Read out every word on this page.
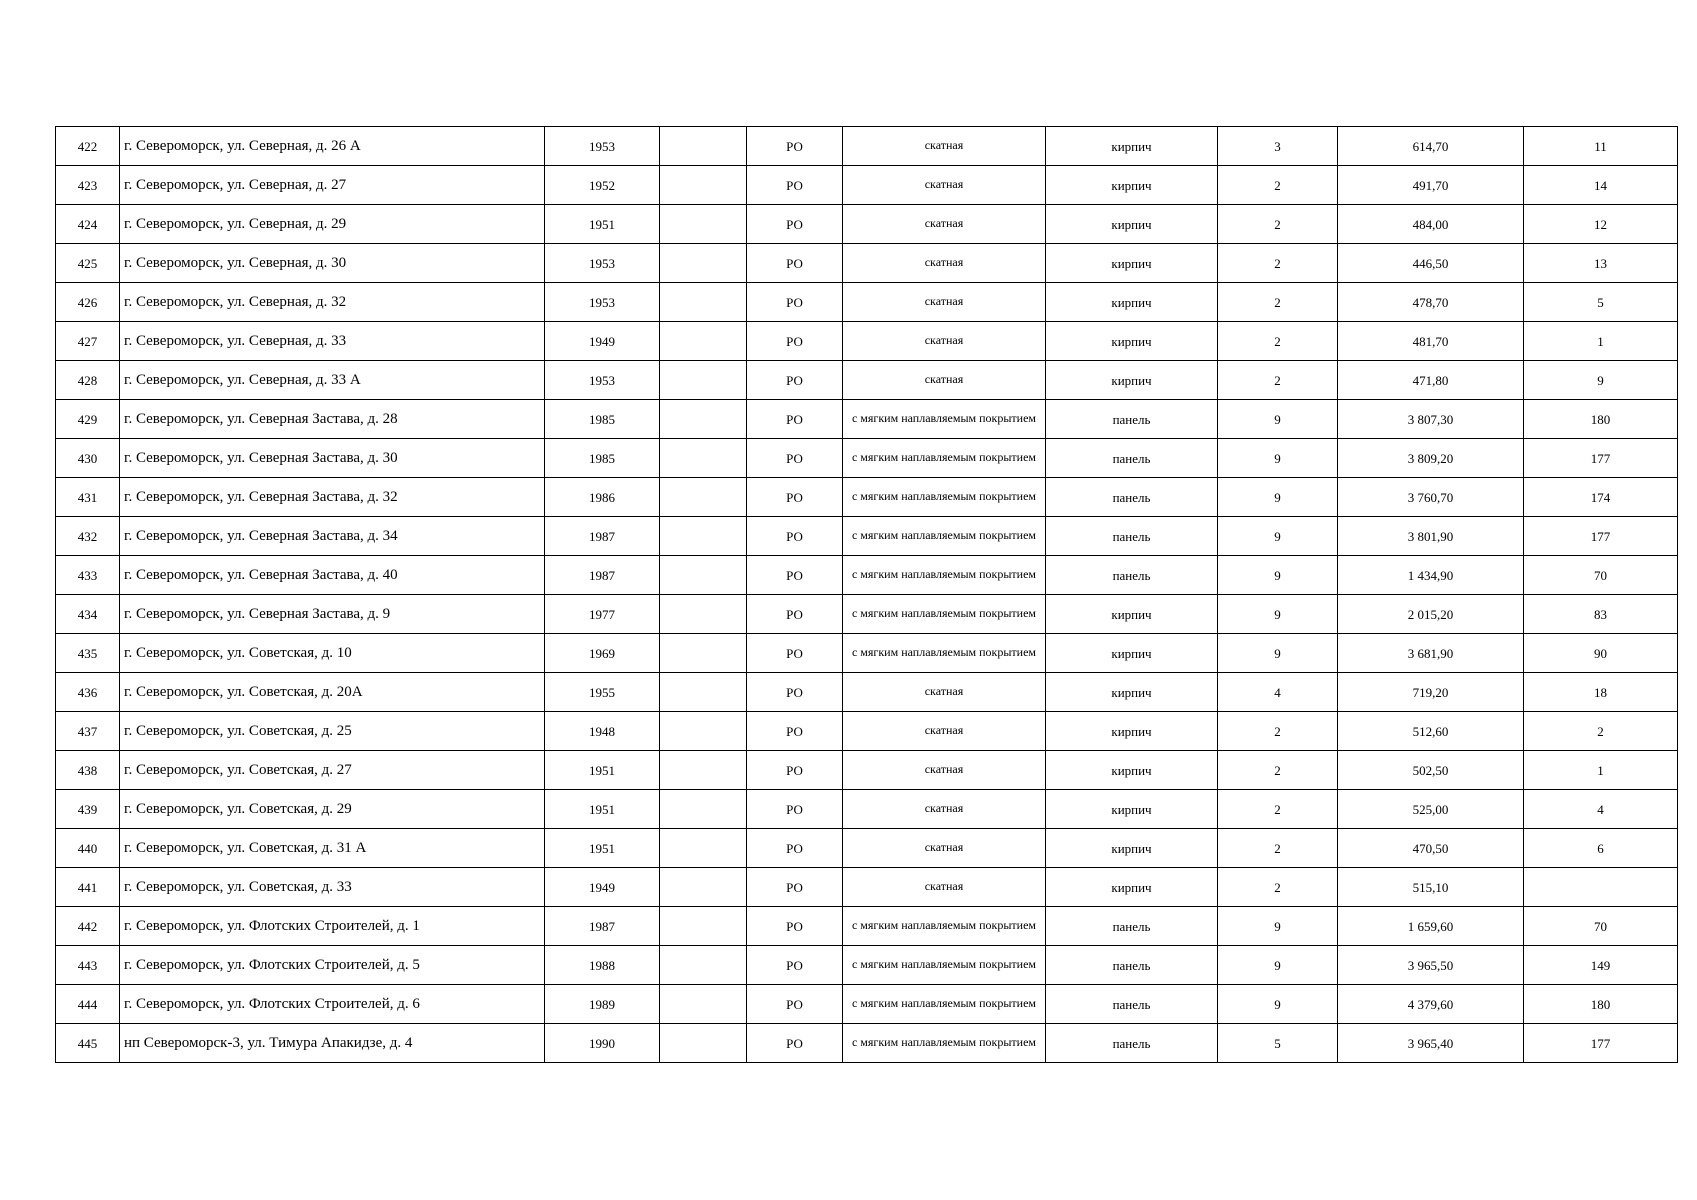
422	г. Североморск, ул. Северная, д. 26 А	1953		РО	скатная	кирпич	3	614,70	11
423	г. Североморск, ул. Северная, д. 27	1952		РО	скатная	кирпич	2	491,70	14
424	г. Североморск, ул. Северная, д. 29	1951		РО	скатная	кирпич	2	484,00	12
425	г. Североморск, ул. Северная, д. 30	1953		РО	скатная	кирпич	2	446,50	13
426	г. Североморск, ул. Северная, д. 32	1953		РО	скатная	кирпич	2	478,70	5
427	г. Североморск, ул. Северная, д. 33	1949		РО	скатная	кирпич	2	481,70	1
428	г. Североморск, ул. Северная, д. 33 А	1953		РО	скатная	кирпич	2	471,80	9
429	г. Североморск, ул. Северная Застава, д. 28	1985		РО	с мягким наплавляемым покрытием	панель	9	3 807,30	180
430	г. Североморск, ул. Северная Застава, д. 30	1985		РО	с мягким наплавляемым покрытием	панель	9	3 809,20	177
431	г. Североморск, ул. Северная Застава, д. 32	1986		РО	с мягким наплавляемым покрытием	панель	9	3 760,70	174
432	г. Североморск, ул. Северная Застава, д. 34	1987		РО	с мягким наплавляемым покрытием	панель	9	3 801,90	177
433	г. Североморск, ул. Северная Застава, д. 40	1987		РО	с мягким наплавляемым покрытием	панель	9	1 434,90	70
434	г. Североморск, ул. Северная Застава, д. 9	1977		РО	с мягким наплавляемым покрытием	кирпич	9	2 015,20	83
435	г. Североморск, ул. Советская, д. 10	1969		РО	с мягким наплавляемым покрытием	кирпич	9	3 681,90	90
436	г. Североморск, ул. Советская, д. 20А	1955		РО	скатная	кирпич	4	719,20	18
437	г. Североморск, ул. Советская, д. 25	1948		РО	скатная	кирпич	2	512,60	2
438	г. Североморск, ул. Советская, д. 27	1951		РО	скатная	кирпич	2	502,50	1
439	г. Североморск, ул. Советская, д. 29	1951		РО	скатная	кирпич	2	525,00	4
440	г. Североморск, ул. Советская, д. 31 А	1951		РО	скатная	кирпич	2	470,50	6
441	г. Североморск, ул. Советская, д. 33	1949		РО	скатная	кирпич	2	515,10	
442	г. Североморск, ул. Флотских Строителей, д. 1	1987		РО	с мягким наплавляемым покрытием	панель	9	1 659,60	70
443	г. Североморск, ул. Флотских Строителей, д. 5	1988		РО	с мягким наплавляемым покрытием	панель	9	3 965,50	149
444	г. Североморск, ул. Флотских Строителей, д. 6	1989		РО	с мягким наплавляемым покрытием	панель	9	4 379,60	180
445	нп Североморск-3, ул. Тимура Апакидзе, д. 4	1990		РО	с мягким наплавляемым покрытием	панель	5	3 965,40	177
